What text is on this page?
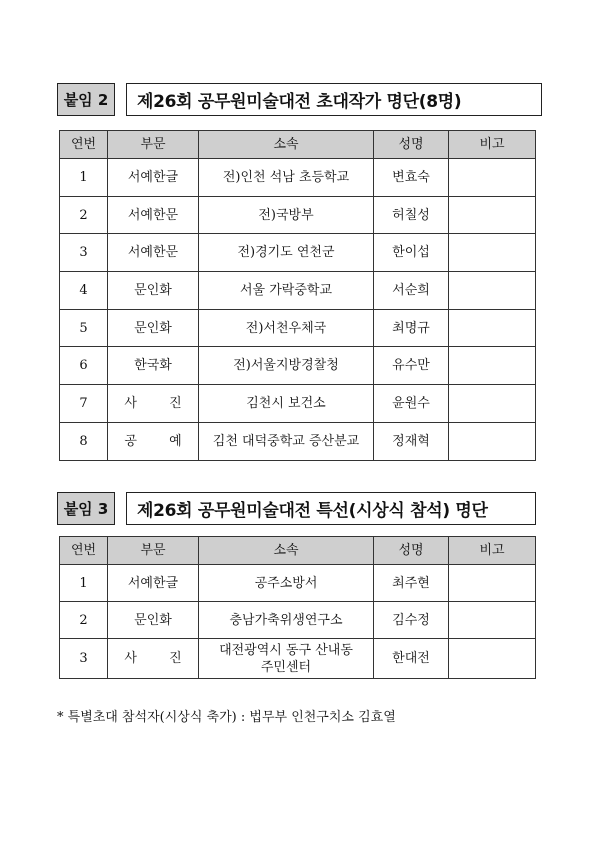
붙임 2	제26회 공무원미술대전 초대작가 명단(8명)
연번	부문	소속	성명	비고
1	서예한글	전)인천 석남 초등학교	변효숙	
2	서예한문	전)국방부	허칠성	
3	서예한문	전)경기도 연천군	한이섭	
4	문인화	서울 가락중학교	서순희	
5	문인화	전)서천우체국	최명규	
6	한국화	전)서울지방경찰청	유수만	
7	사 진	김천시 보건소	윤원수	
8	공 예	김천 대덕중학교 증산분교	정재혁	
붙임 3	제26회 공무원미술대전 특선(시상식 참석) 명단
연번	부문	소속	성명	비고
1	서예한글	공주소방서	최주현	
2	문인화	충남가축위생연구소	김수정	
3	사 진	대전광역시 동구 산내동 주민센터	한대전	
* 특별초대 참석자(시상식 축가) : 법무부 인천구치소 김효열
